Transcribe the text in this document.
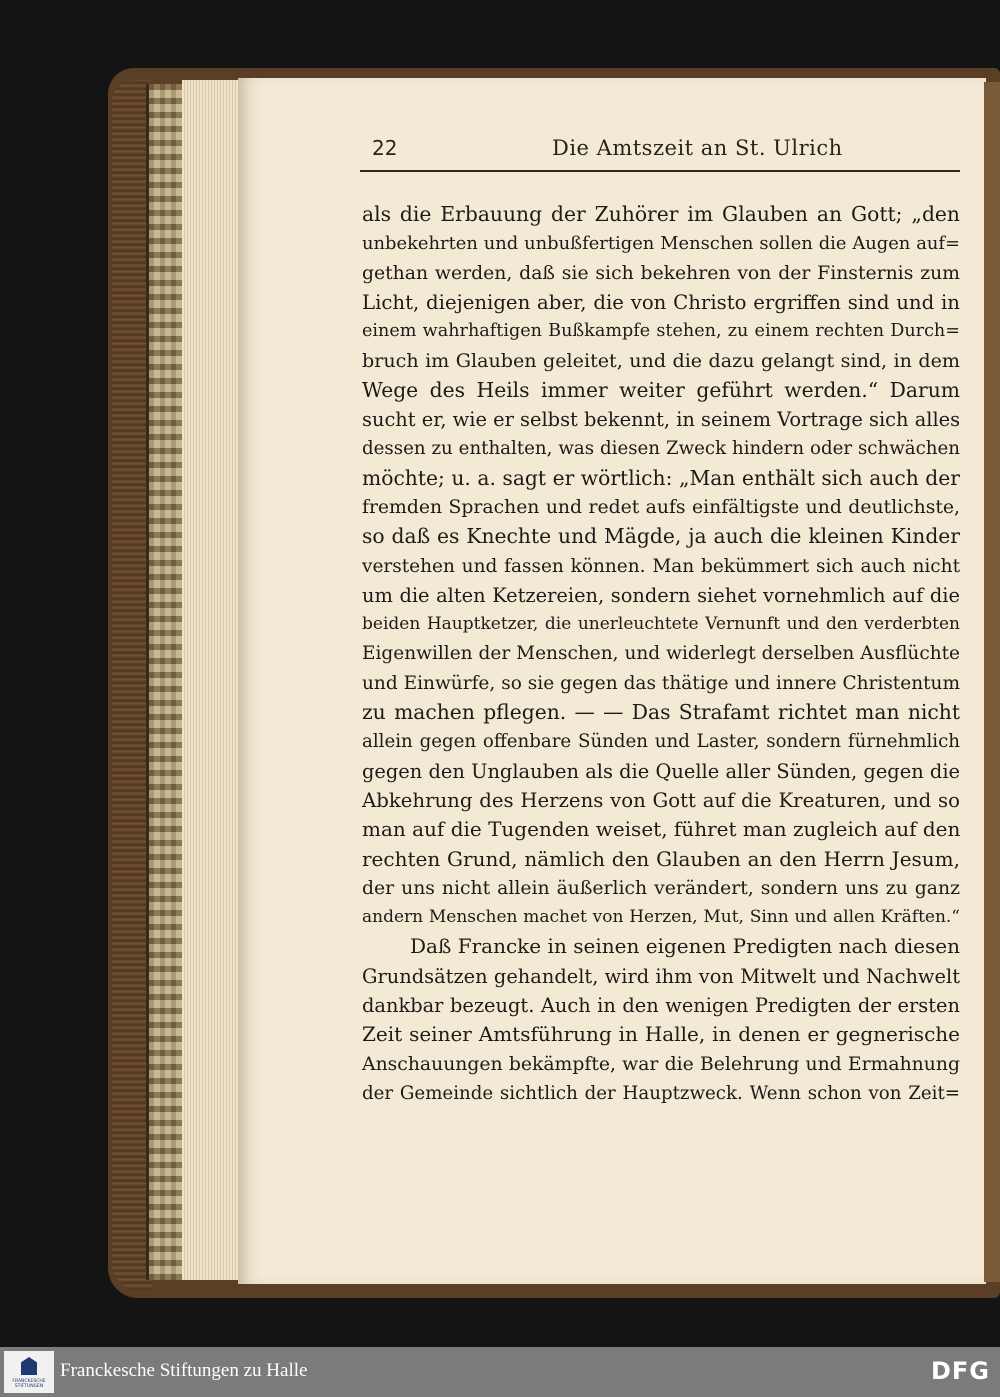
22	Die Amtszeit an St. Ulrich
als die Erbauung der Zuhörer im Glauben an Gott; „den
unbekehrten und unbußfertigen Menschen sollen die Augen auf=
gethan werden, daß sie sich bekehren von der Finsternis zum
Licht, diejenigen aber, die von Christo ergriffen sind und in
einem wahrhaftigen Bußkampfe stehen, zu einem rechten Durch=
bruch im Glauben geleitet, und die dazu gelangt sind, in dem
Wege des Heils immer weiter geführt werden.“ Darum
sucht er, wie er selbst bekennt, in seinem Vortrage sich alles
dessen zu enthalten, was diesen Zweck hindern oder schwächen
möchte; u. a. sagt er wörtlich: „Man enthält sich auch der
fremden Sprachen und redet aufs einfältigste und deutlichste,
so daß es Knechte und Mägde, ja auch die kleinen Kinder
verstehen und fassen können. Man bekümmert sich auch nicht
um die alten Ketzereien, sondern siehet vornehmlich auf die
beiden Hauptketzer, die unerleuchtete Vernunft und den verderbten
Eigenwillen der Menschen, und widerlegt derselben Ausflüchte
und Einwürfe, so sie gegen das thätige und innere Christentum
zu machen pflegen. — — Das Strafamt richtet man nicht
allein gegen offenbare Sünden und Laster, sondern fürnehmlich
gegen den Unglauben als die Quelle aller Sünden, gegen die
Abkehrung des Herzens von Gott auf die Kreaturen, und so
man auf die Tugenden weiset, führet man zugleich auf den
rechten Grund, nämlich den Glauben an den Herrn Jesum,
der uns nicht allein äußerlich verändert, sondern uns zu ganz
andern Menschen machet von Herzen, Mut, Sinn und allen Kräften.“
Daß Francke in seinen eigenen Predigten nach diesen
Grundsätzen gehandelt, wird ihm von Mitwelt und Nachwelt
dankbar bezeugt. Auch in den wenigen Predigten der ersten
Zeit seiner Amtsführung in Halle, in denen er gegnerische
Anschauungen bekämpfte, war die Belehrung und Ermahnung
der Gemeinde sichtlich der Hauptzweck. Wenn schon von Zeit=
FRANCKESCHE STIFTUNGEN
Franckesche Stiftungen zu Halle	DFG
